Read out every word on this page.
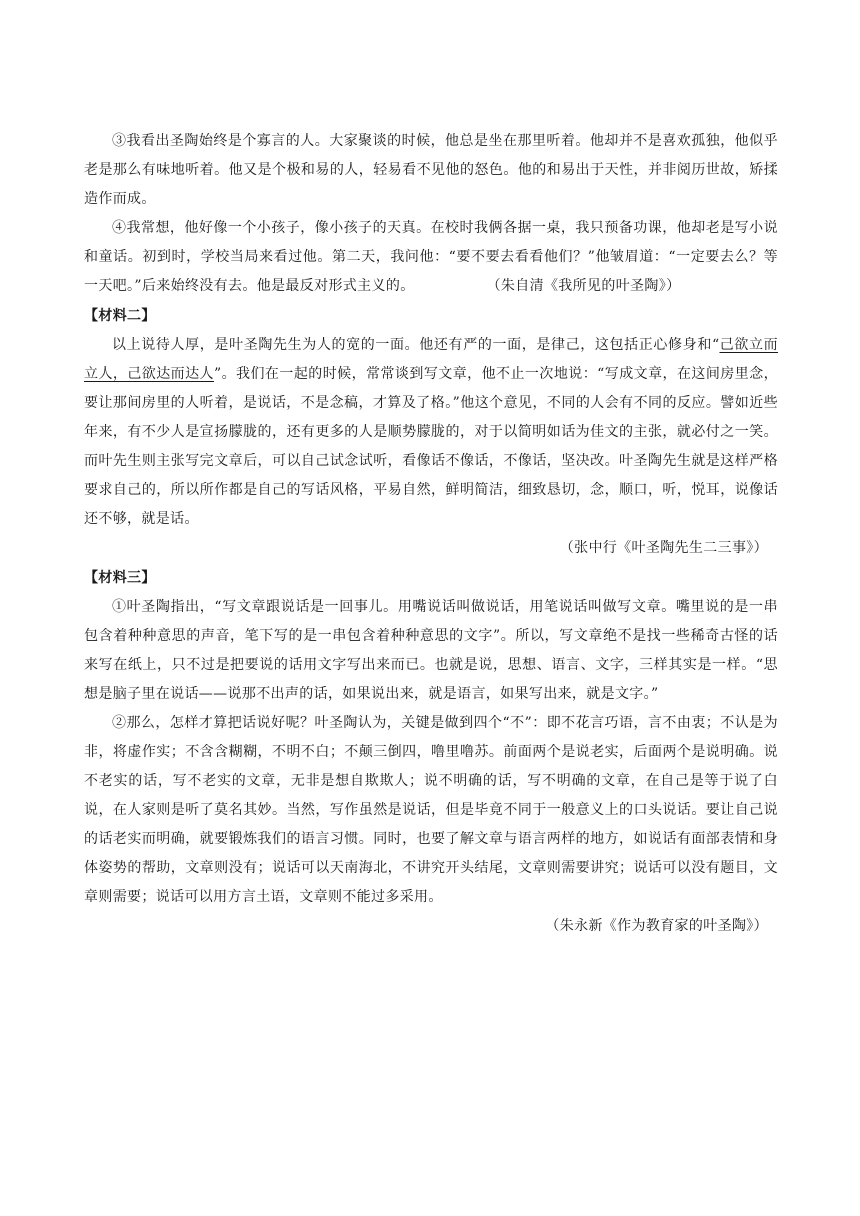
③我看出圣陶始终是个寡言的人。大家聚谈的时候，他总是坐在那里听着。他却并不是喜欢孤独，他似乎老是那么有味地听着。他又是个极和易的人，轻易看不见他的怒色。他的和易出于天性，并非阅历世故，矫揉造作而成。

④我常想，他好像一个小孩子，像小孩子的天真。在校时我俩各据一桌，我只预备功课，他却老是写小说和童话。初到时，学校当局来看过他。第二天，我问他：“要不要去看看他们？”他皱眉道：“一定要去么？等一天吧。”后来始终没有去。他是最反对形式主义的。	（朱自清《我所见的叶圣陶》）

【材料二】

以上说待人厚，是叶圣陶先生为人的宽的一面。他还有严的一面，是律己，这包括正心修身和“己欲立而立人，己欲达而达人”。我们在一起的时候，常常谈到写文章，他不止一次地说：“写成文章，在这间房里念，要让那间房里的人听着，是说话，不是念稿，才算及了格。”他这个意见，不同的人会有不同的反应。譬如近些年来，有不少人是宣扬朦胧的，还有更多的人是顺势朦胧的，对于以简明如话为佳文的主张，就必付之一笑。而叶先生则主张写完文章后，可以自己试念试听，看像话不像话，不像话，坚决改。叶圣陶先生就是这样严格要求自己的，所以所作都是自己的写话风格，平易自然，鲜明简洁，细致恳切，念，顺口，听，悦耳，说像话还不够，就是话。

（张中行《叶圣陶先生二三事》）

【材料三】

①叶圣陶指出，“写文章跟说话是一回事儿。用嘴说话叫做说话，用笔说话叫做写文章。嘴里说的是一串包含着种种意思的声音，笔下写的是一串包含着种种意思的文字”。所以，写文章绝不是找一些稀奇古怪的话来写在纸上，只不过是把要说的话用文字写出来而已。也就是说，思想、语言、文字，三样其实是一样。“思想是脑子里在说话——说那不出声的话，如果说出来，就是语言，如果写出来，就是文字。”

②那么，怎样才算把话说好呢？叶圣陶认为，关键是做到四个“不”：即不花言巧语，言不由衷；不认是为非，将虚作实；不含含糊糊，不明不白；不颠三倒四，噜里噜苏。前面两个是说老实，后面两个是说明确。说不老实的话，写不老实的文章，无非是想自欺欺人；说不明确的话，写不明确的文章，在自己是等于说了白说，在人家则是听了莫名其妙。当然，写作虽然是说话，但是毕竟不同于一般意义上的口头说话。要让自己说的话老实而明确，就要锻炼我们的语言习惯。同时，也要了解文章与语言两样的地方，如说话有面部表情和身体姿势的帮助，文章则没有；说话可以天南海北，不讲究开头结尾，文章则需要讲究；说话可以没有题目，文章则需要；说话可以用方言土语，文章则不能过多采用。

（朱永新《作为教育家的叶圣陶》）
